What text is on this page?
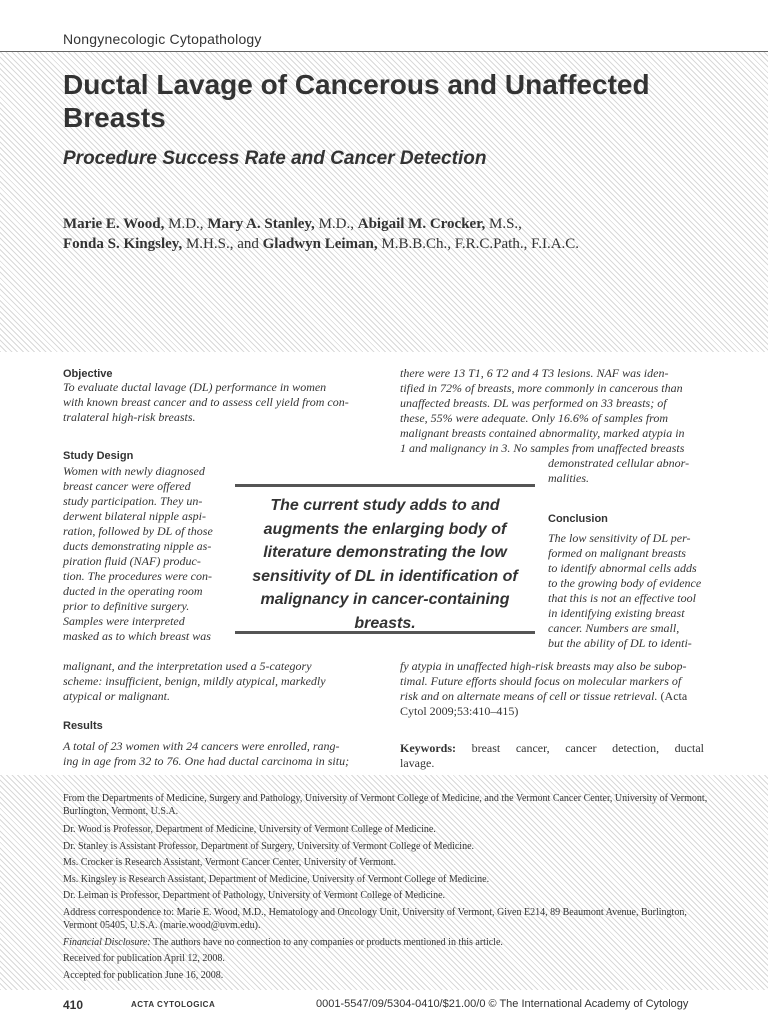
Nongynecologic Cytopathology
Ductal Lavage of Cancerous and Unaffected Breasts
Procedure Success Rate and Cancer Detection
Marie E. Wood, M.D., Mary A. Stanley, M.D., Abigail M. Crocker, M.S.,
Fonda S. Kingsley, M.H.S., and Gladwyn Leiman, M.B.B.Ch., F.R.C.Path., F.I.A.C.
Objective
To evaluate ductal lavage (DL) performance in women
with known breast cancer and to assess cell yield from con-
tralateral high-risk breasts.
Study Design
Women with newly diagnosed
breast cancer were offered
study participation. They un-
derwent bilateral nipple aspi-
ration, followed by DL of those
ducts demonstrating nipple as-
piration fluid (NAF) produc-
tion. The procedures were con-
ducted in the operating room
prior to definitive surgery.
Samples were interpreted
masked as to which breast was
malignant, and the interpretation used a 5-category
scheme: insufficient, benign, mildly atypical, markedly
atypical or malignant.
Results
A total of 23 women with 24 cancers were enrolled, rang-
ing in age from 32 to 76. One had ductal carcinoma in situ;
there were 13 T1, 6 T2 and 4 T3 lesions. NAF was iden-
tified in 72% of breasts, more commonly in cancerous than
unaffected breasts. DL was performed on 33 breasts; of
these, 55% were adequate. Only 16.6% of samples from
malignant breasts contained abnormality, marked atypia in
1 and malignancy in 3. No samples from unaffected breasts
demonstrated cellular abnor-
malities.
Conclusion
The low sensitivity of DL per-
formed on malignant breasts
to identify abnormal cells adds
to the growing body of evidence
that this is not an effective tool
in identifying existing breast
cancer. Numbers are small,
but the ability of DL to identi-
fy atypia in unaffected high-risk breasts may also be subop-
timal. Future efforts should focus on molecular markers of
risk and on alternate means of cell or tissue retrieval. (Acta
Cytol 2009;53:410–415)
Keywords: breast cancer, cancer detection, ductal
lavage.
The current study adds to and augments the enlarging body of literature demonstrating the low sensitivity of DL in identification of malignancy in cancer-containing breasts.
From the Departments of Medicine, Surgery and Pathology, University of Vermont College of Medicine, and the Vermont Cancer Center, University of Vermont, Burlington, Vermont, U.S.A.
Dr. Wood is Professor, Department of Medicine, University of Vermont College of Medicine.
Dr. Stanley is Assistant Professor, Department of Surgery, University of Vermont College of Medicine.
Ms. Crocker is Research Assistant, Vermont Cancer Center, University of Vermont.
Ms. Kingsley is Research Assistant, Department of Medicine, University of Vermont College of Medicine.
Dr. Leiman is Professor, Department of Pathology, University of Vermont College of Medicine.
Address correspondence to: Marie E. Wood, M.D., Hematology and Oncology Unit, University of Vermont, Given E214, 89 Beaumont Avenue, Burlington, Vermont 05405, U.S.A. (marie.wood@uvm.edu).
Financial Disclosure: The authors have no connection to any companies or products mentioned in this article.
Received for publication April 12, 2008.
Accepted for publication June 16, 2008.
410	ACTA CYTOLOGICA	0001-5547/09/5304-0410/$21.00/0 © The International Academy of Cytology
